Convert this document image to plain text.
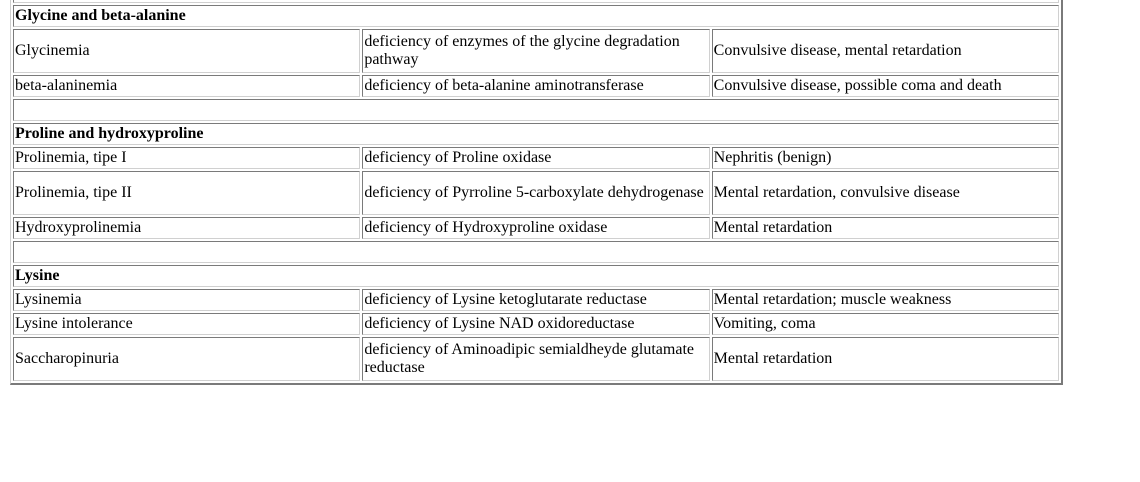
Glycine and beta-alanine		
Glycinemia	deficiency of enzymes of the glycine degradation pathway	Convulsive disease, mental retardation
beta-alaninemia	deficiency of beta-alanine aminotransferase	Convulsive disease, possible coma and death

Proline and hydroxyproline		
Prolinemia, tipe I	deficiency of Proline oxidase	Nephritis (benign)
Prolinemia, tipe II	deficiency of Pyrroline 5-carboxylate dehydrogenase	Mental retardation, convulsive disease
Hydroxyprolinemia	deficiency of Hydroxyproline oxidase	Mental retardation

Lysine		
Lysinemia	deficiency of Lysine ketoglutarate reductase	Mental retardation; muscle weakness
Lysine intolerance	deficiency of Lysine NAD oxidoreductase	Vomiting, coma
Saccharopinuria	deficiency of Aminoadipic semialdheyde glutamate reductase	Mental retardation
